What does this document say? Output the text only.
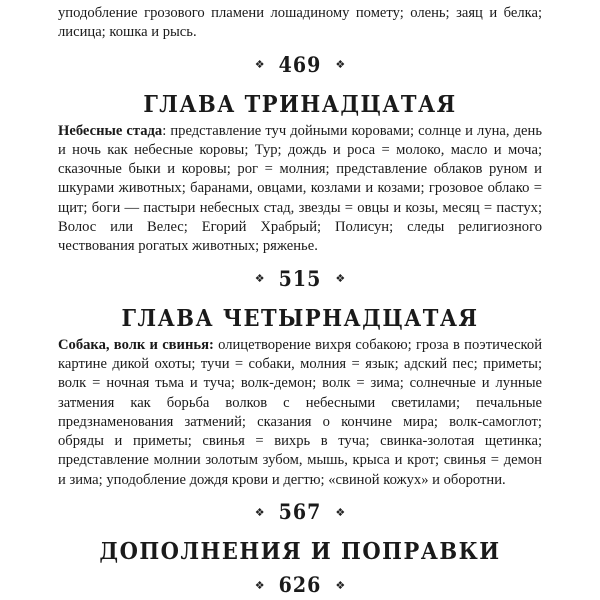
уподобление грозового пламени лошадиному помету; олень; заяц и белка; лисица; кошка и рысь.

❖ 469 ❖
ГЛАВА ТРИНАДЦАТАЯ

Небесные стада: представление туч дойными коровами; солнце и луна, день и ночь как небесные коровы; Тур; дождь и роса = молоко, масло и моча; сказочные быки и коровы; рог = молния; представление облаков руном и шкурами животных; баранами, овцами, козлами и козами; грозовое облако = щит; боги — пастыри небесных стад, звезды = овцы и козы, месяц = пастух; Волос или Велес; Егорий Храбрый; Полисун; следы религиозного чествования рогатых животных; ряженье.

❖ 515 ❖
ГЛАВА ЧЕТЫРНАДЦАТАЯ

Собака, волк и свинья: олицетворение вихря собакою; гроза в поэтической картине дикой охоты; тучи = собаки, молния = язык; адский пес; приметы; волк = ночная тьма и туча; волк-демон; волк = зима; солнечные и лунные затмения как борьба волков с небесными светилами; печальные предзнаменования затмений; сказания о кончине мира; волк-самоглот; обряды и приметы; свинья = вихрь в туча; свинка-золотая щетинка; представление молнии золотым зубом, мышь, крыса и крот; свинья = демон и зима; уподобление дождя крови и дегтю; «свиной кожух» и оборотни.

❖ 567 ❖
ДОПОЛНЕНИЯ И ПОПРАВКИ
❖ 626 ❖
